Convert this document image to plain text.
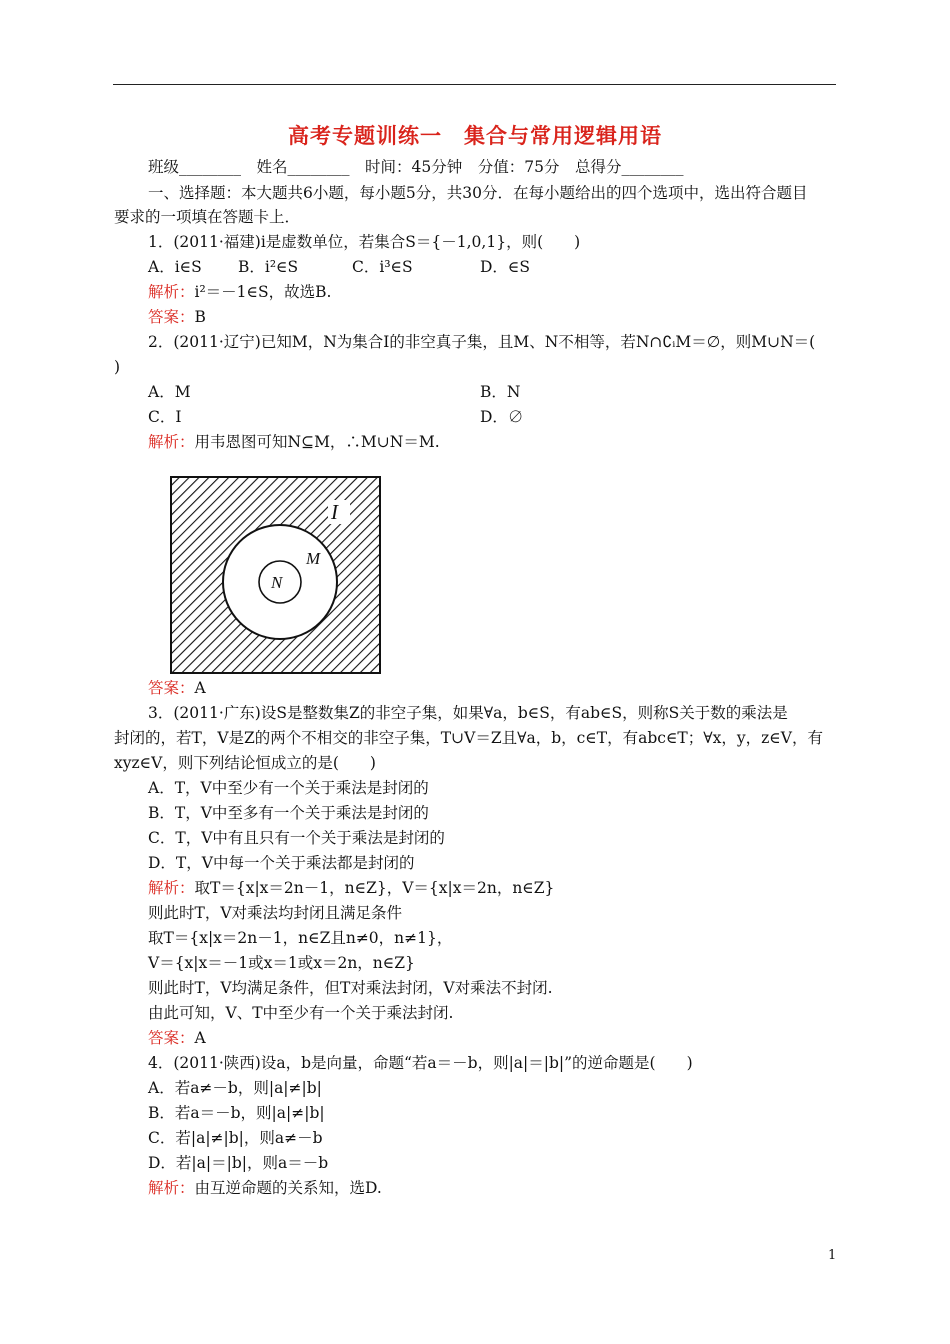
高考专题训练一　集合与常用逻辑用语
班级________　姓名________　时间：45分钟　分值：75分　总得分________
一、选择题：本大题共6小题，每小题5分，共30分．在每小题给出的四个选项中，选出符合题目
要求的一项填在答题卡上．
1．(2011·福建)i是虚数单位，若集合S＝{－1,0,1}，则(　　)
A．i∈S B．i²∈S	C．i³∈S	D．∈S
解析：i²＝－1∈S，故选B.
答案：B
2．(2011·辽宁)已知M，N为集合I的非空真子集，且M、N不相等，若N∩∁ᵢM＝∅，则M∪N＝(
)
A．M	B．N
C．I	D．∅
解析：用韦恩图可知N⊆M，∴M∪N＝M.
I
M
N
答案：A
3．(2011·广东)设S是整数集Z的非空子集，如果∀a，b∈S，有ab∈S，则称S关于数的乘法是
封闭的，若T，V是Z的两个不相交的非空子集，T∪V＝Z且∀a，b，c∈T，有abc∈T；∀x，y，z∈V，有
xyz∈V，则下列结论恒成立的是(　　)
A．T，V中至少有一个关于乘法是封闭的
B．T，V中至多有一个关于乘法是封闭的
C．T，V中有且只有一个关于乘法是封闭的
D．T，V中每一个关于乘法都是封闭的
解析：取T＝{x|x＝2n－1，n∈Z}，V＝{x|x＝2n，n∈Z}
则此时T，V对乘法均封闭且满足条件
取T＝{x|x＝2n－1，n∈Z且n≠0，n≠1}，
V＝{x|x＝－1或x＝1或x＝2n，n∈Z}
则此时T，V均满足条件，但T对乘法封闭，V对乘法不封闭.
由此可知，V、T中至少有一个关于乘法封闭.
答案：A
4．(2011·陕西)设a，b是向量，命题“若a＝－b，则|a|＝|b|”的逆命题是(　　)
A．若a≠－b，则|a|≠|b|
B．若a＝－b，则|a|≠|b|
C．若|a|≠|b|，则a≠－b
D．若|a|＝|b|，则a＝－b
解析：由互逆命题的关系知，选D.
1
